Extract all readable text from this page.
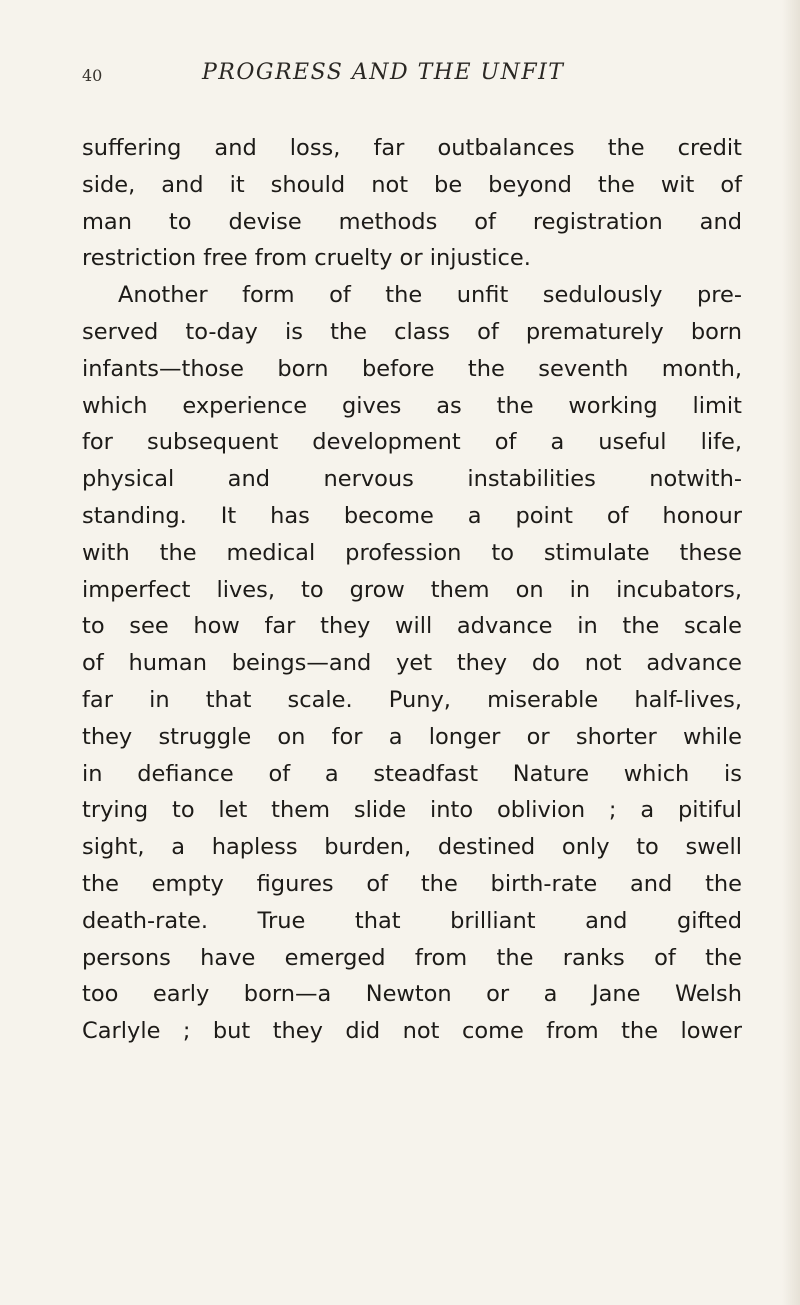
40	PROGRESS AND THE UNFIT
suffering and loss, far outbalances the credit
side, and it should not be beyond the wit of
man to devise methods of registration and
restriction free from cruelty or injustice.
Another form of the unfit sedulously pre-
served to-day is the class of prematurely born
infants—those born before the seventh month,
which experience gives as the working limit
for subsequent development of a useful life,
physical and nervous instabilities notwith-
standing. It has become a point of honour
with the medical profession to stimulate these
imperfect lives, to grow them on in incubators,
to see how far they will advance in the scale
of human beings—and yet they do not advance
far in that scale. Puny, miserable half-lives,
they struggle on for a longer or shorter while
in defiance of a steadfast Nature which is
trying to let them slide into oblivion ; a pitiful
sight, a hapless burden, destined only to swell
the empty figures of the birth-rate and the
death-rate. True that brilliant and gifted
persons have emerged from the ranks of the
too early born—a Newton or a Jane Welsh
Carlyle ; but they did not come from the lower
